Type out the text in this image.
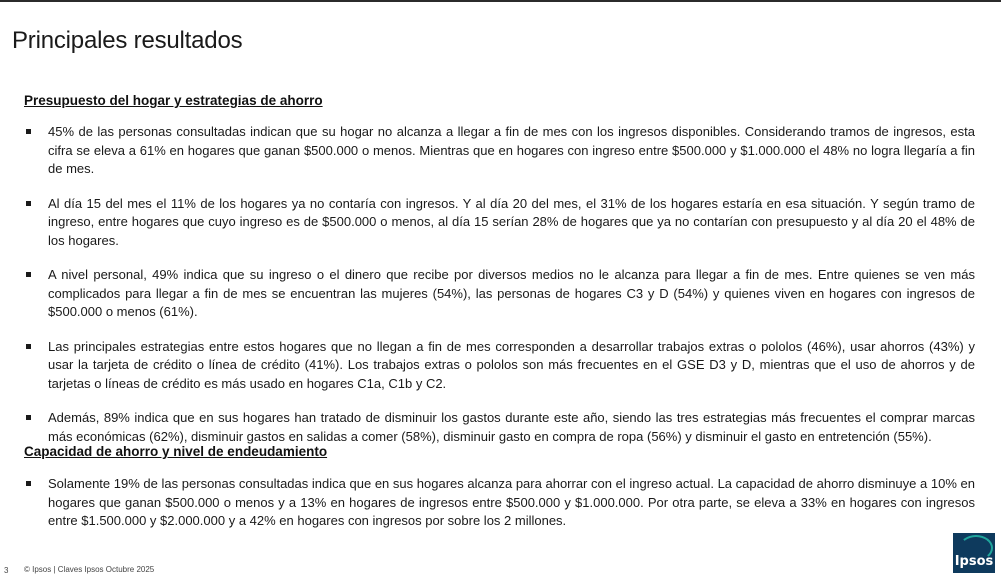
Principales resultados
Presupuesto del hogar y estrategias de ahorro
45% de las personas consultadas indican que su hogar no alcanza a llegar a fin de mes con los ingresos disponibles. Considerando tramos de ingresos, esta cifra se eleva a 61% en hogares que ganan $500.000 o menos. Mientras que en hogares con ingreso entre $500.000 y $1.000.000 el 48% no logra llegaría a fin de mes.
Al día 15 del mes el 11% de los hogares ya no contaría con ingresos. Y al día 20 del mes, el 31% de los hogares estaría en esa situación. Y según tramo de ingreso, entre hogares que cuyo ingreso es de $500.000 o menos, al día 15 serían 28% de hogares que ya no contarían con presupuesto y al día 20 el 48% de los hogares.
A nivel personal, 49% indica que su ingreso o el dinero que recibe por diversos medios no le alcanza para llegar a fin de mes. Entre quienes se ven más complicados para llegar a fin de mes se encuentran las mujeres (54%), las personas de hogares C3 y D (54%) y quienes viven en hogares con ingresos de $500.000 o menos (61%).
Las principales estrategias entre estos hogares que no llegan a fin de mes corresponden a desarrollar trabajos extras o pololos (46%), usar ahorros (43%) y usar la tarjeta de crédito o línea de crédito (41%). Los trabajos extras o pololos son más frecuentes en el GSE D3 y D, mientras que el uso de ahorros y de tarjetas o líneas de crédito es más usado en hogares C1a, C1b y C2.
Además, 89% indica que en sus hogares han tratado de disminuir los gastos durante este año, siendo las tres estrategias más frecuentes el comprar marcas más económicas (62%), disminuir gastos en salidas a comer (58%), disminuir gasto en compra de ropa (56%) y disminuir el gasto en entretención (55%).
Capacidad de ahorro y nivel de endeudamiento
Solamente 19% de las personas consultadas indica que en sus hogares alcanza para ahorrar con el ingreso actual. La capacidad de ahorro disminuye a 10% en hogares que ganan $500.000 o menos y a 13% en hogares de ingresos entre $500.000 y $1.000.000. Por otra parte, se eleva a 33% en hogares con ingresos entre $1.500.000 y $2.000.000 y a 42% en hogares con ingresos por sobre los 2 millones.
3 © Ipsos | Claves Ipsos Octubre 2025
Ipsos
